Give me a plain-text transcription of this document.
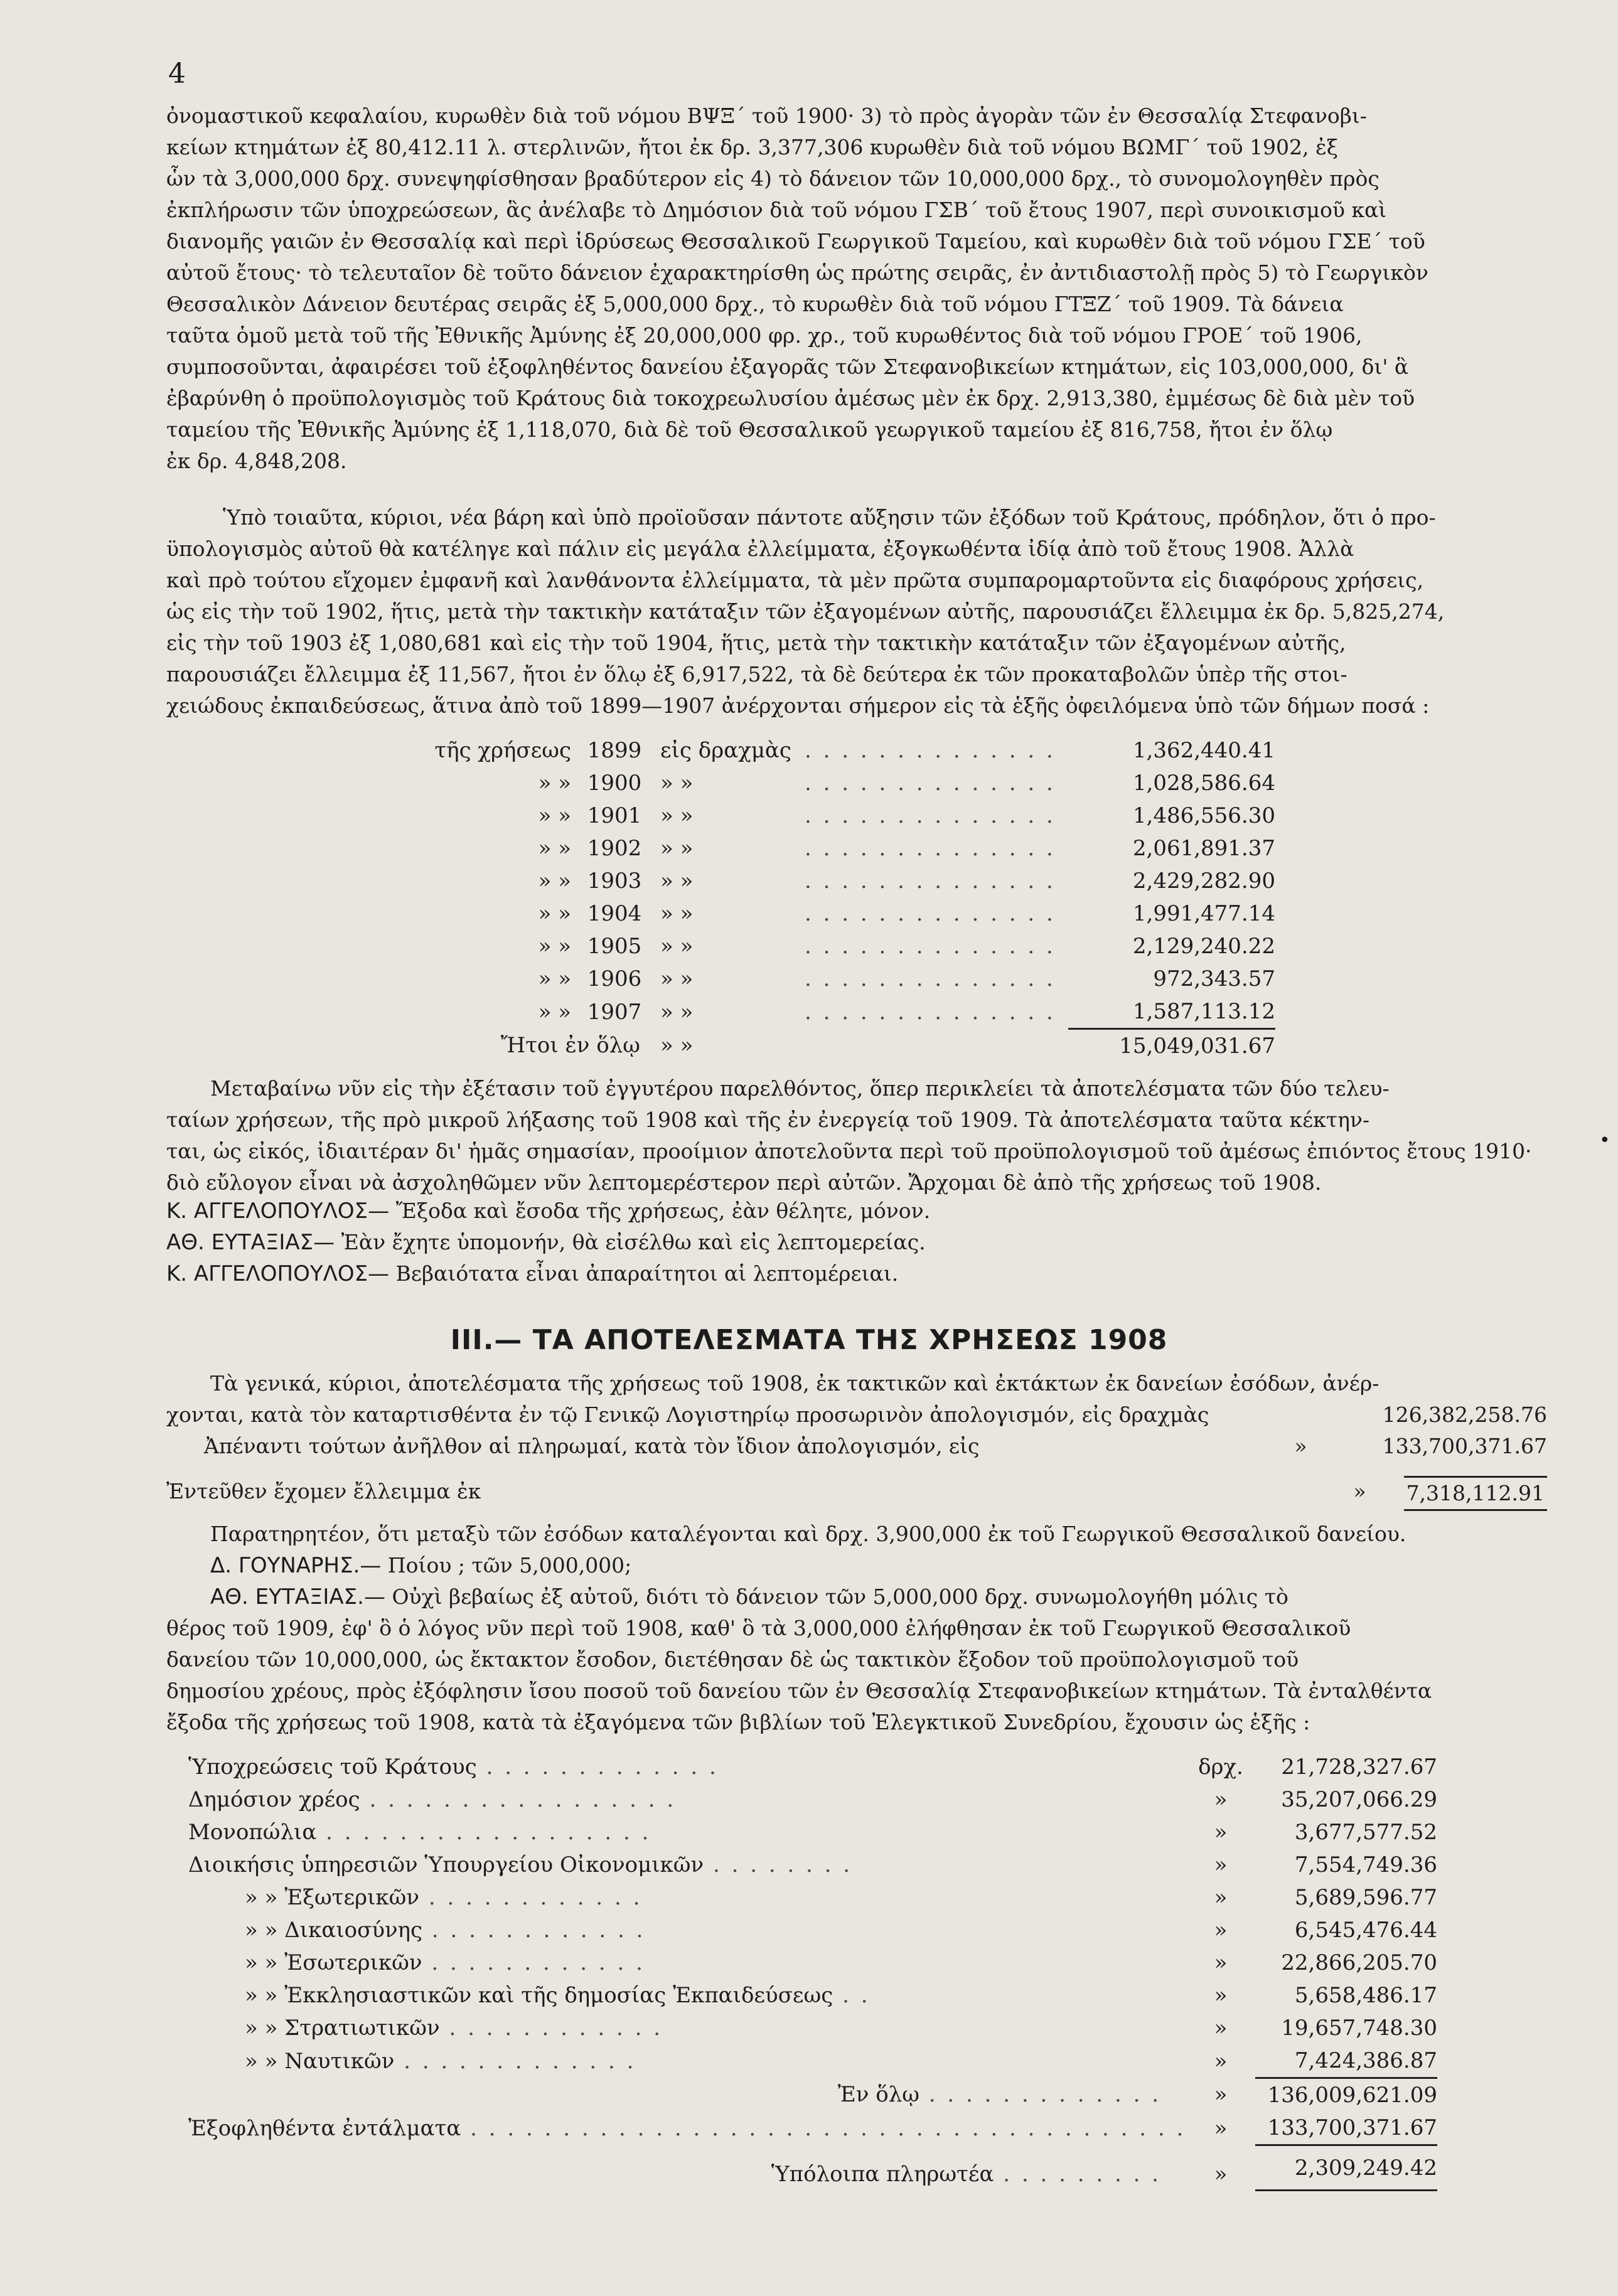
4

ὀνομαστικοῦ κεφαλαίου, κυρωθὲν διὰ τοῦ νόμου ΒΨΞ΄ τοῦ 1900· 3) τὸ πρὸς ἀγορὰν τῶν ἐν Θεσσαλίᾳ Στεφανοβι-

κείων κτημάτων ἐξ 80,412.11 λ. στερλινῶν, ἤτοι ἐκ δρ. 3,377,306 κυρωθὲν διὰ τοῦ νόμου ΒΩΜΓ΄ τοῦ 1902, ἐξ

ὧν τὰ 3,000,000 δρχ. συνεψηφίσθησαν βραδύτερον εἰς 4) τὸ δάνειον τῶν 10,000,000 δρχ., τὸ συνομολογηθὲν πρὸς

ἐκπλήρωσιν τῶν ὑποχρεώσεων, ἃς ἀνέλαβε τὸ Δημόσιον διὰ τοῦ νόμου ΓΣΒ΄ τοῦ ἔτους 1907, περὶ συνοικισμοῦ καὶ

διανομῆς γαιῶν ἐν Θεσσαλίᾳ καὶ περὶ ἱδρύσεως Θεσσαλικοῦ Γεωργικοῦ Ταμείου, καὶ κυρωθὲν διὰ τοῦ νόμου ΓΣΕ΄ τοῦ

αὐτοῦ ἔτους· τὸ τελευταῖον δὲ τοῦτο δάνειον ἐχαρακτηρίσθη ὡς πρώτης σειρᾶς, ἐν ἀντιδιαστολῇ πρὸς 5) τὸ Γεωργικὸν

Θεσσαλικὸν Δάνειον δευτέρας σειρᾶς ἐξ 5,000,000 δρχ., τὸ κυρωθὲν διὰ τοῦ νόμου ΓΤΞΖ΄ τοῦ 1909. Τὰ δάνεια

ταῦτα ὁμοῦ μετὰ τοῦ τῆς Ἐθνικῆς Ἀμύνης ἐξ 20,000,000 φρ. χρ., τοῦ κυρωθέντος διὰ τοῦ νόμου ΓΡΟΕ΄ τοῦ 1906,

συμποσοῦνται, ἀφαιρέσει τοῦ ἐξοφληθέντος δανείου ἐξαγορᾶς τῶν Στεφανοβικείων κτημάτων, εἰς 103,000,000, δι' ἃ

ἐβαρύνθη ὁ προϋπολογισμὸς τοῦ Κράτους διὰ τοκοχρεωλυσίου ἀμέσως μὲν ἐκ δρχ. 2,913,380, ἐμμέσως δὲ διὰ μὲν τοῦ

ταμείου τῆς Ἐθνικῆς Ἀμύνης ἐξ 1,118,070, διὰ δὲ τοῦ Θεσσαλικοῦ γεωργικοῦ ταμείου ἐξ 816,758, ἤτοι ἐν ὅλῳ

ἐκ δρ. 4,848,208.

Ὑπὸ τοιαῦτα, κύριοι, νέα βάρη καὶ ὑπὸ προϊοῦσαν πάντοτε αὔξησιν τῶν ἐξόδων τοῦ Κράτους, πρόδηλον, ὅτι ὁ προ-

ϋπολογισμὸς αὐτοῦ θὰ κατέληγε καὶ πάλιν εἰς μεγάλα ἐλλείμματα, ἐξογκωθέντα ἰδίᾳ ἀπὸ τοῦ ἔτους 1908. Ἀλλὰ

καὶ πρὸ τούτου εἴχομεν ἐμφανῆ καὶ λανθάνοντα ἐλλείμματα, τὰ μὲν πρῶτα συμπαρομαρτοῦντα εἰς διαφόρους χρήσεις,

ὡς εἰς τὴν τοῦ 1902, ἥτις, μετὰ τὴν τακτικὴν κατάταξιν τῶν ἐξαγομένων αὐτῆς, παρουσιάζει ἔλλειμμα ἐκ δρ. 5,825,274,

εἰς τὴν τοῦ 1903 ἐξ 1,080,681 καὶ εἰς τὴν τοῦ 1904, ἥτις, μετὰ τὴν τακτικὴν κατάταξιν τῶν ἐξαγομένων αὐτῆς,

παρουσιάζει ἔλλειμμα ἐξ 11,567, ἤτοι ἐν ὅλῳ ἐξ 6,917,522, τὰ δὲ δεύτερα ἐκ τῶν προκαταβολῶν ὑπὲρ τῆς στοι-

χειώδους ἐκπαιδεύσεως, ἅτινα ἀπὸ τοῦ 1899—1907 ἀνέρχονται σήμερον εἰς τὰ ἑξῆς ὀφειλόμενα ὑπὸ τῶν δήμων ποσά :

τῆς χρήσεως	1899	εἰς δραχμὰς	. . . . . . . . . . . . . .	1,362,440.41
» »	1900	» »	. . . . . . . . . . . . . .	1,028,586.64
» »	1901	» »	. . . . . . . . . . . . . .	1,486,556.30
» »	1902	» »	. . . . . . . . . . . . . .	2,061,891.37
» »	1903	» »	. . . . . . . . . . . . . .	2,429,282.90
» »	1904	» »	. . . . . . . . . . . . . .	1,991,477.14
» »	1905	» »	. . . . . . . . . . . . . .	2,129,240.22
» »	1906	» »	. . . . . . . . . . . . . .	972,343.57
» »	1907	» »	. . . . . . . . . . . . . .	1,587,113.12
Ἤτοι ἐν ὅλῳ		» »		15,049,031.67

Μεταβαίνω νῦν εἰς τὴν ἐξέτασιν τοῦ ἐγγυτέρου παρελθόντος, ὅπερ περικλείει τὰ ἀποτελέσματα τῶν δύο τελευ-

ταίων χρήσεων, τῆς πρὸ μικροῦ λήξασης τοῦ 1908 καὶ τῆς ἐν ἐνεργείᾳ τοῦ 1909. Τὰ ἀποτελέσματα ταῦτα κέκτην-

ται, ὡς εἰκός, ἰδιαιτέραν δι' ἡμᾶς σημασίαν, προοίμιον ἀποτελοῦντα περὶ τοῦ προϋπολογισμοῦ τοῦ ἀμέσως ἐπιόντος ἔτους 1910·

διὸ εὔλογον εἶναι νὰ ἀσχοληθῶμεν νῦν λεπτομερέστερον περὶ αὐτῶν. Ἄρχομαι δὲ ἀπὸ τῆς χρήσεως τοῦ 1908.

Κ. ΑΓΓΕΛΟΠΟΥΛΟΣ— Ἔξοδα καὶ ἔσοδα τῆς χρήσεως, ἐὰν θέλητε, μόνον.

ΑΘ. ΕΥΤΑΞΙΑΣ— Ἐὰν ἔχητε ὑπομονήν, θὰ εἰσέλθω καὶ εἰς λεπτομερείας.

Κ. ΑΓΓΕΛΟΠΟΥΛΟΣ— Βεβαιότατα εἶναι ἀπαραίτητοι αἱ λεπτομέρειαι.

III.— ΤΑ ΑΠΟΤΕΛΕΣΜΑΤΑ ΤΗΣ ΧΡΗΣΕΩΣ 1908

Τὰ γενικά, κύριοι, ἀποτελέσματα τῆς χρήσεως τοῦ 1908, ἐκ τακτικῶν καὶ ἐκτάκτων ἐκ δανείων ἐσόδων, ἀνέρ-

χονται, κατὰ τὸν καταρτισθέντα ἐν τῷ Γενικῷ Λογιστηρίῳ προσωρινὸν ἀπολογισμόν, εἰς δραχμὰς	126,382,258.76

Ἀπέναντι τούτων ἀνῆλθον αἱ πληρωμαί, κατὰ τὸν ἴδιον ἀπολογισμόν, εἰς	133,700,371.67
»

Ἐντεῦθεν ἔχομεν ἔλλειμμα ἐκ	7,318,112.91
»

Παρατηρητέον, ὅτι μεταξὺ τῶν ἐσόδων καταλέγονται καὶ δρχ. 3,900,000 ἐκ τοῦ Γεωργικοῦ Θεσσαλικοῦ δανείου.

Δ. ΓΟΥΝΑΡΗΣ.— Ποίου ; τῶν 5,000,000;

ΑΘ. ΕΥΤΑΞΙΑΣ.— Οὐχὶ βεβαίως ἐξ αὐτοῦ, διότι τὸ δάνειον τῶν 5,000,000 δρχ. συνωμολογήθη μόλις τὸ

θέρος τοῦ 1909, ἐφ' ὃ ὁ λόγος νῦν περὶ τοῦ 1908, καθ' ὃ τὰ 3,000,000 ἐλήφθησαν ἐκ τοῦ Γεωργικοῦ Θεσσαλικοῦ

δανείου τῶν 10,000,000, ὡς ἔκτακτον ἔσοδον, διετέθησαν δὲ ὡς τακτικὸν ἔξοδον τοῦ προϋπολογισμοῦ τοῦ

δημοσίου χρέους, πρὸς ἐξόφλησιν ἴσου ποσοῦ τοῦ δανείου τῶν ἐν Θεσσαλίᾳ Στεφανοβικείων κτημάτων. Τὰ ἐνταλθέντα

ἔξοδα τῆς χρήσεως τοῦ 1908, κατὰ τὰ ἐξαγόμενα τῶν βιβλίων τοῦ Ἐλεγκτικοῦ Συνεδρίου, ἔχουσιν ὡς ἑξῆς :

Ὑποχρεώσεις τοῦ Κράτους . . . . . . . . . . . . .	δρχ.	21,728,327.67
Δημόσιον χρέος . . . . . . . . . . . . . . . . .	»	35,207,066.29
Μονοπώλια . . . . . . . . . . . . . . . . . .	»	3,677,577.52
Διοικήσις ὑπηρεσιῶν Ὑπουργείου Οἰκονομικῶν . . . . . . . .	»	7,554,749.36
» » Ἐξωτερικῶν . . . . . . . . . . . .	»	5,689,596.77
» » Δικαιοσύνης . . . . . . . . . . . .	»	6,545,476.44
» » Ἐσωτερικῶν . . . . . . . . . . . .	»	22,866,205.70
» » Ἐκκλησιαστικῶν καὶ τῆς δημοσίας Ἐκπαιδεύσεως . .	»	5,658,486.17
» » Στρατιωτικῶν . . . . . . . . . . . .	»	19,657,748.30
» » Ναυτικῶν . . . . . . . . . . . . .	»	7,424,386.87
Ἐν ὅλῳ . . . . . . . . . . . . .	»	136,009,621.09
Ἐξοφληθέντα ἐντάλματα . . . . . . . . . . . . . . . . . . . . . . . . . . . . . . . . . . . . . . .	»	133,700,371.67
Ὑπόλοιπα πληρωτέα . . . . . . . . .	»	2,309,249.42
•
